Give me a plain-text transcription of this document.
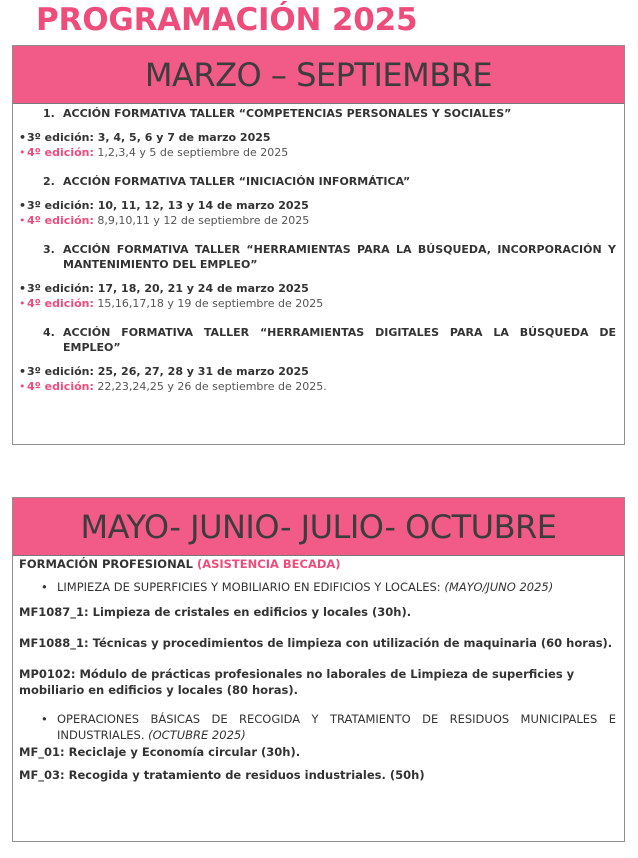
PROGRAMACIÓN 2025
MARZO – SEPTIEMBRE
1. ACCIÓN FORMATIVA TALLER “COMPETENCIAS PERSONALES Y SOCIALES”
•3º edición: 3, 4, 5, 6 y 7 de marzo 2025
• 4º edición: 1,2,3,4 y 5 de septiembre de 2025
2. ACCIÓN FORMATIVA TALLER “INICIACIÓN INFORMÁTICA”
•3º edición: 10, 11, 12, 13 y 14 de marzo 2025
• 4º edición: 8,9,10,11 y 12 de septiembre de 2025
3. ACCIÓN FORMATIVA TALLER “HERRAMIENTAS PARA LA BÚSQUEDA, INCORPORACIÓN Y MANTENIMIENTO DEL EMPLEO”
•3º edición: 17, 18, 20, 21 y 24 de marzo 2025
• 4º edición: 15,16,17,18 y 19 de septiembre de 2025
4. ACCIÓN FORMATIVA TALLER “HERRAMIENTAS DIGITALES PARA LA BÚSQUEDA DE EMPLEO”
•3º edición: 25, 26, 27, 28 y 31 de marzo 2025
• 4º edición: 22,23,24,25 y 26 de septiembre de 2025.
MAYO- JUNIO- JULIO- OCTUBRE
FORMACIÓN PROFESIONAL (ASISTENCIA BECADA)
• LIMPIEZA DE SUPERFICIES Y MOBILIARIO EN EDIFICIOS Y LOCALES: (MAYO/JUNO 2025)
MF1087_1: Limpieza de cristales en edificios y locales (30h).
MF1088_1: Técnicas y procedimientos de limpieza con utilización de maquinaria (60 horas).
MP0102: Módulo de prácticas profesionales no laborales de Limpieza de superficies y mobiliario en edificios y locales (80 horas).
• OPERACIONES BÁSICAS DE RECOGIDA Y TRATAMIENTO DE RESIDUOS MUNICIPALES E INDUSTRIALES. (OCTUBRE 2025)
MF_01: Reciclaje y Economía circular (30h).
MF_03: Recogida y tratamiento de residuos industriales. (50h)
